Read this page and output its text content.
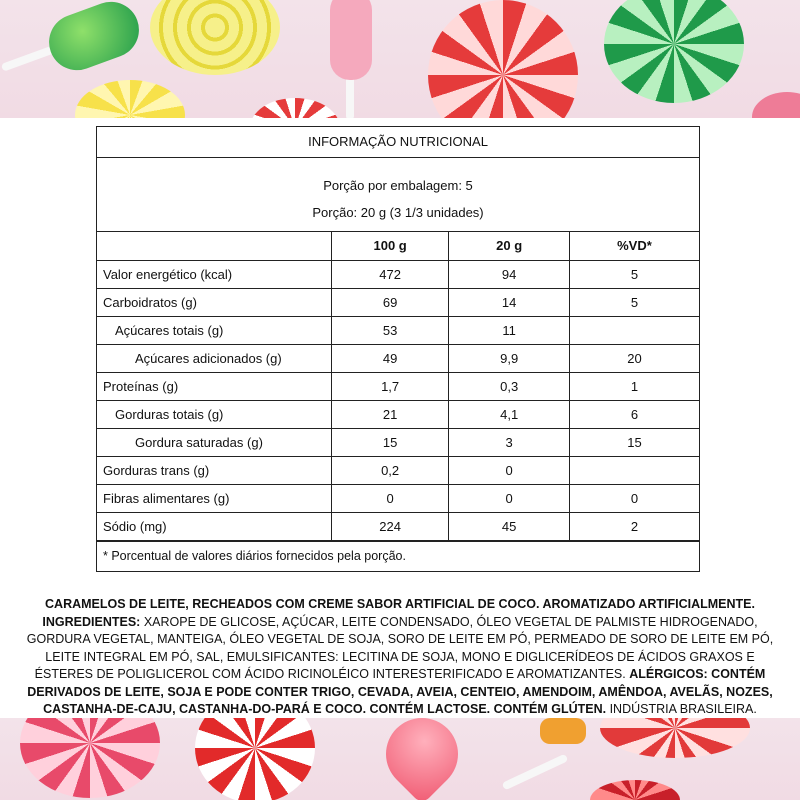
INFORMAÇÃO NUTRICIONAL
Porção por embalagem: 5
Porção: 20 g (3 1/3 unidades)
	100 g	20 g	%VD*
Valor energético (kcal)	472	94	5
Carboidratos (g)	69	14	5
Açúcares totais (g)	53	11	
Açúcares adicionados (g)	49	9,9	20
Proteínas (g)	1,7	0,3	1
Gorduras totais (g)	21	4,1	6
Gordura saturadas (g)	15	3	15
Gorduras trans (g)	0,2	0	
Fibras alimentares (g)	0	0	0
Sódio (mg)	224	45	2
* Porcentual de valores diários fornecidos pela porção.
CARAMELOS DE LEITE, RECHEADOS COM CREME SABOR ARTIFICIAL DE COCO. AROMATIZADO ARTIFICIALMENTE. INGREDIENTES: XAROPE DE GLICOSE, AÇÚCAR, LEITE CONDENSADO, ÓLEO VEGETAL DE PALMISTE HIDROGENADO, GORDURA VEGETAL, MANTEIGA, ÓLEO VEGETAL DE SOJA, SORO DE LEITE EM PÓ, PERMEADO DE SORO DE LEITE EM PÓ, LEITE INTEGRAL EM PÓ, SAL, EMULSIFICANTES: LECITINA DE SOJA, MONO E DIGLICERÍDEOS DE ÁCIDOS GRAXOS E ÉSTERES DE POLIGLICEROL COM ÁCIDO RICINOLÉICO INTERESTERIFICADO E AROMATIZANTES. ALÉRGICOS: CONTÉM DERIVADOS DE LEITE, SOJA E PODE CONTER TRIGO, CEVADA, AVEIA, CENTEIO, AMENDOIM, AMÊNDOA, AVELÃS, NOZES, CASTANHA-DE-CAJU, CASTANHA-DO-PARÁ E COCO. CONTÉM LACTOSE. CONTÉM GLÚTEN. INDÚSTRIA BRASILEIRA.
